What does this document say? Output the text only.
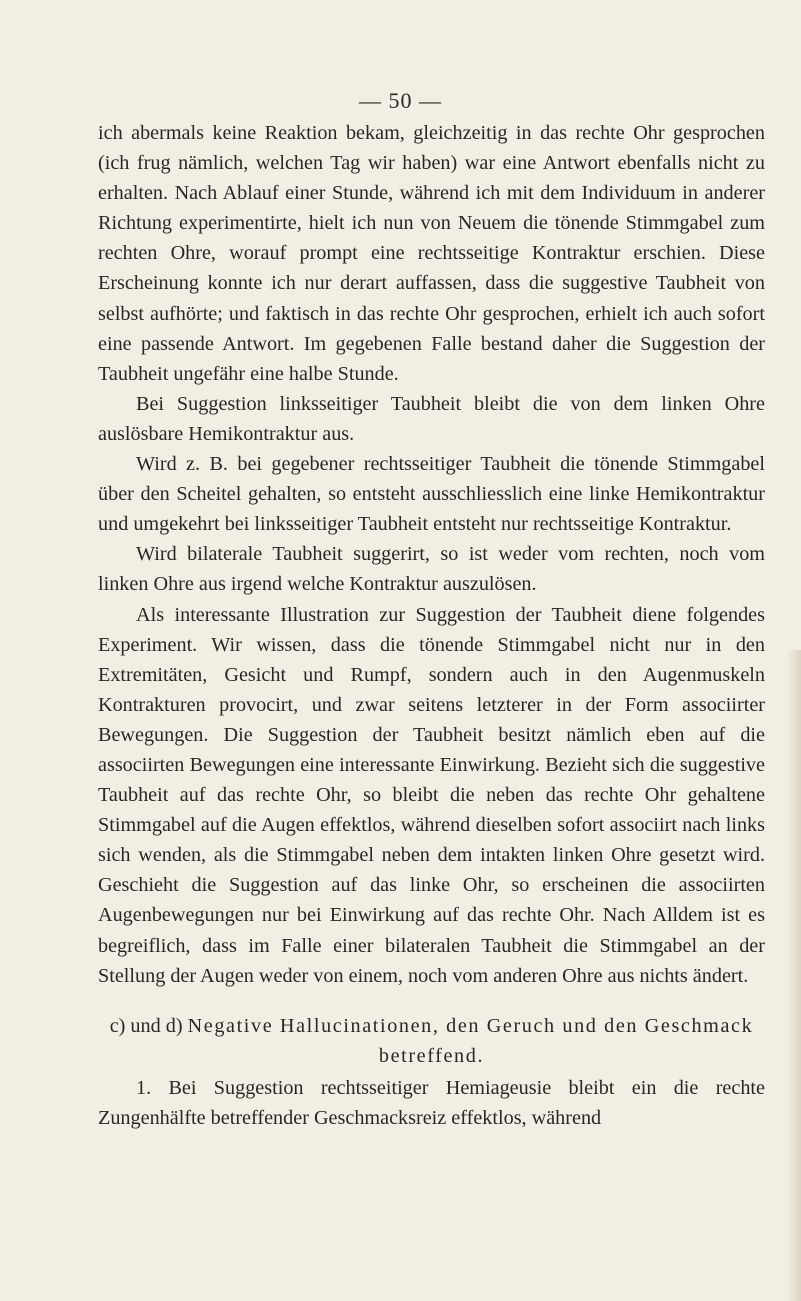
— 50 —

ich abermals keine Reaktion bekam, gleichzeitig in das rechte Ohr gesprochen (ich frug nämlich, welchen Tag wir haben) war eine Antwort ebenfalls nicht zu erhalten. Nach Ablauf einer Stunde, während ich mit dem Individuum in anderer Richtung experimentirte, hielt ich nun von Neuem die tönende Stimmgabel zum rechten Ohre, worauf prompt eine rechtsseitige Kontraktur erschien. Diese Erscheinung konnte ich nur derart auffassen, dass die suggestive Taubheit von selbst aufhörte; und faktisch in das rechte Ohr gesprochen, erhielt ich auch sofort eine passende Antwort. Im gegebenen Falle bestand daher die Suggestion der Taubheit ungefähr eine halbe Stunde.

Bei Suggestion linksseitiger Taubheit bleibt die von dem linken Ohre auslösbare Hemikontraktur aus.

Wird z. B. bei gegebener rechtsseitiger Taubheit die tönende Stimmgabel über den Scheitel gehalten, so entsteht ausschliesslich eine linke Hemikontraktur und umgekehrt bei linksseitiger Taubheit entsteht nur rechtsseitige Kontraktur.

Wird bilaterale Taubheit suggerirt, so ist weder vom rechten, noch vom linken Ohre aus irgend welche Kontraktur auszulösen.

Als interessante Illustration zur Suggestion der Taubheit diene folgendes Experiment. Wir wissen, dass die tönende Stimmgabel nicht nur in den Extremitäten, Gesicht und Rumpf, sondern auch in den Augenmuskeln Kontrakturen provocirt, und zwar seitens letzterer in der Form associirter Bewegungen. Die Suggestion der Taubheit besitzt nämlich eben auf die associirten Bewegungen eine interessante Einwirkung. Bezieht sich die suggestive Taubheit auf das rechte Ohr, so bleibt die neben das rechte Ohr gehaltene Stimmgabel auf die Augen effektlos, während dieselben sofort associirt nach links sich wenden, als die Stimmgabel neben dem intakten linken Ohre gesetzt wird. Geschieht die Suggestion auf das linke Ohr, so erscheinen die associirten Augenbewegungen nur bei Einwirkung auf das rechte Ohr. Nach Alldem ist es begreiflich, dass im Falle einer bilateralen Taubheit die Stimmgabel an der Stellung der Augen weder von einem, noch vom anderen Ohre aus nichts ändert.

c) und d) Negative Hallucinationen, den Geruch und den Geschmack betreffend.

1. Bei Suggestion rechtsseitiger Hemiageusie bleibt ein die rechte Zungenhälfte betreffender Geschmacksreiz effektlos, während
